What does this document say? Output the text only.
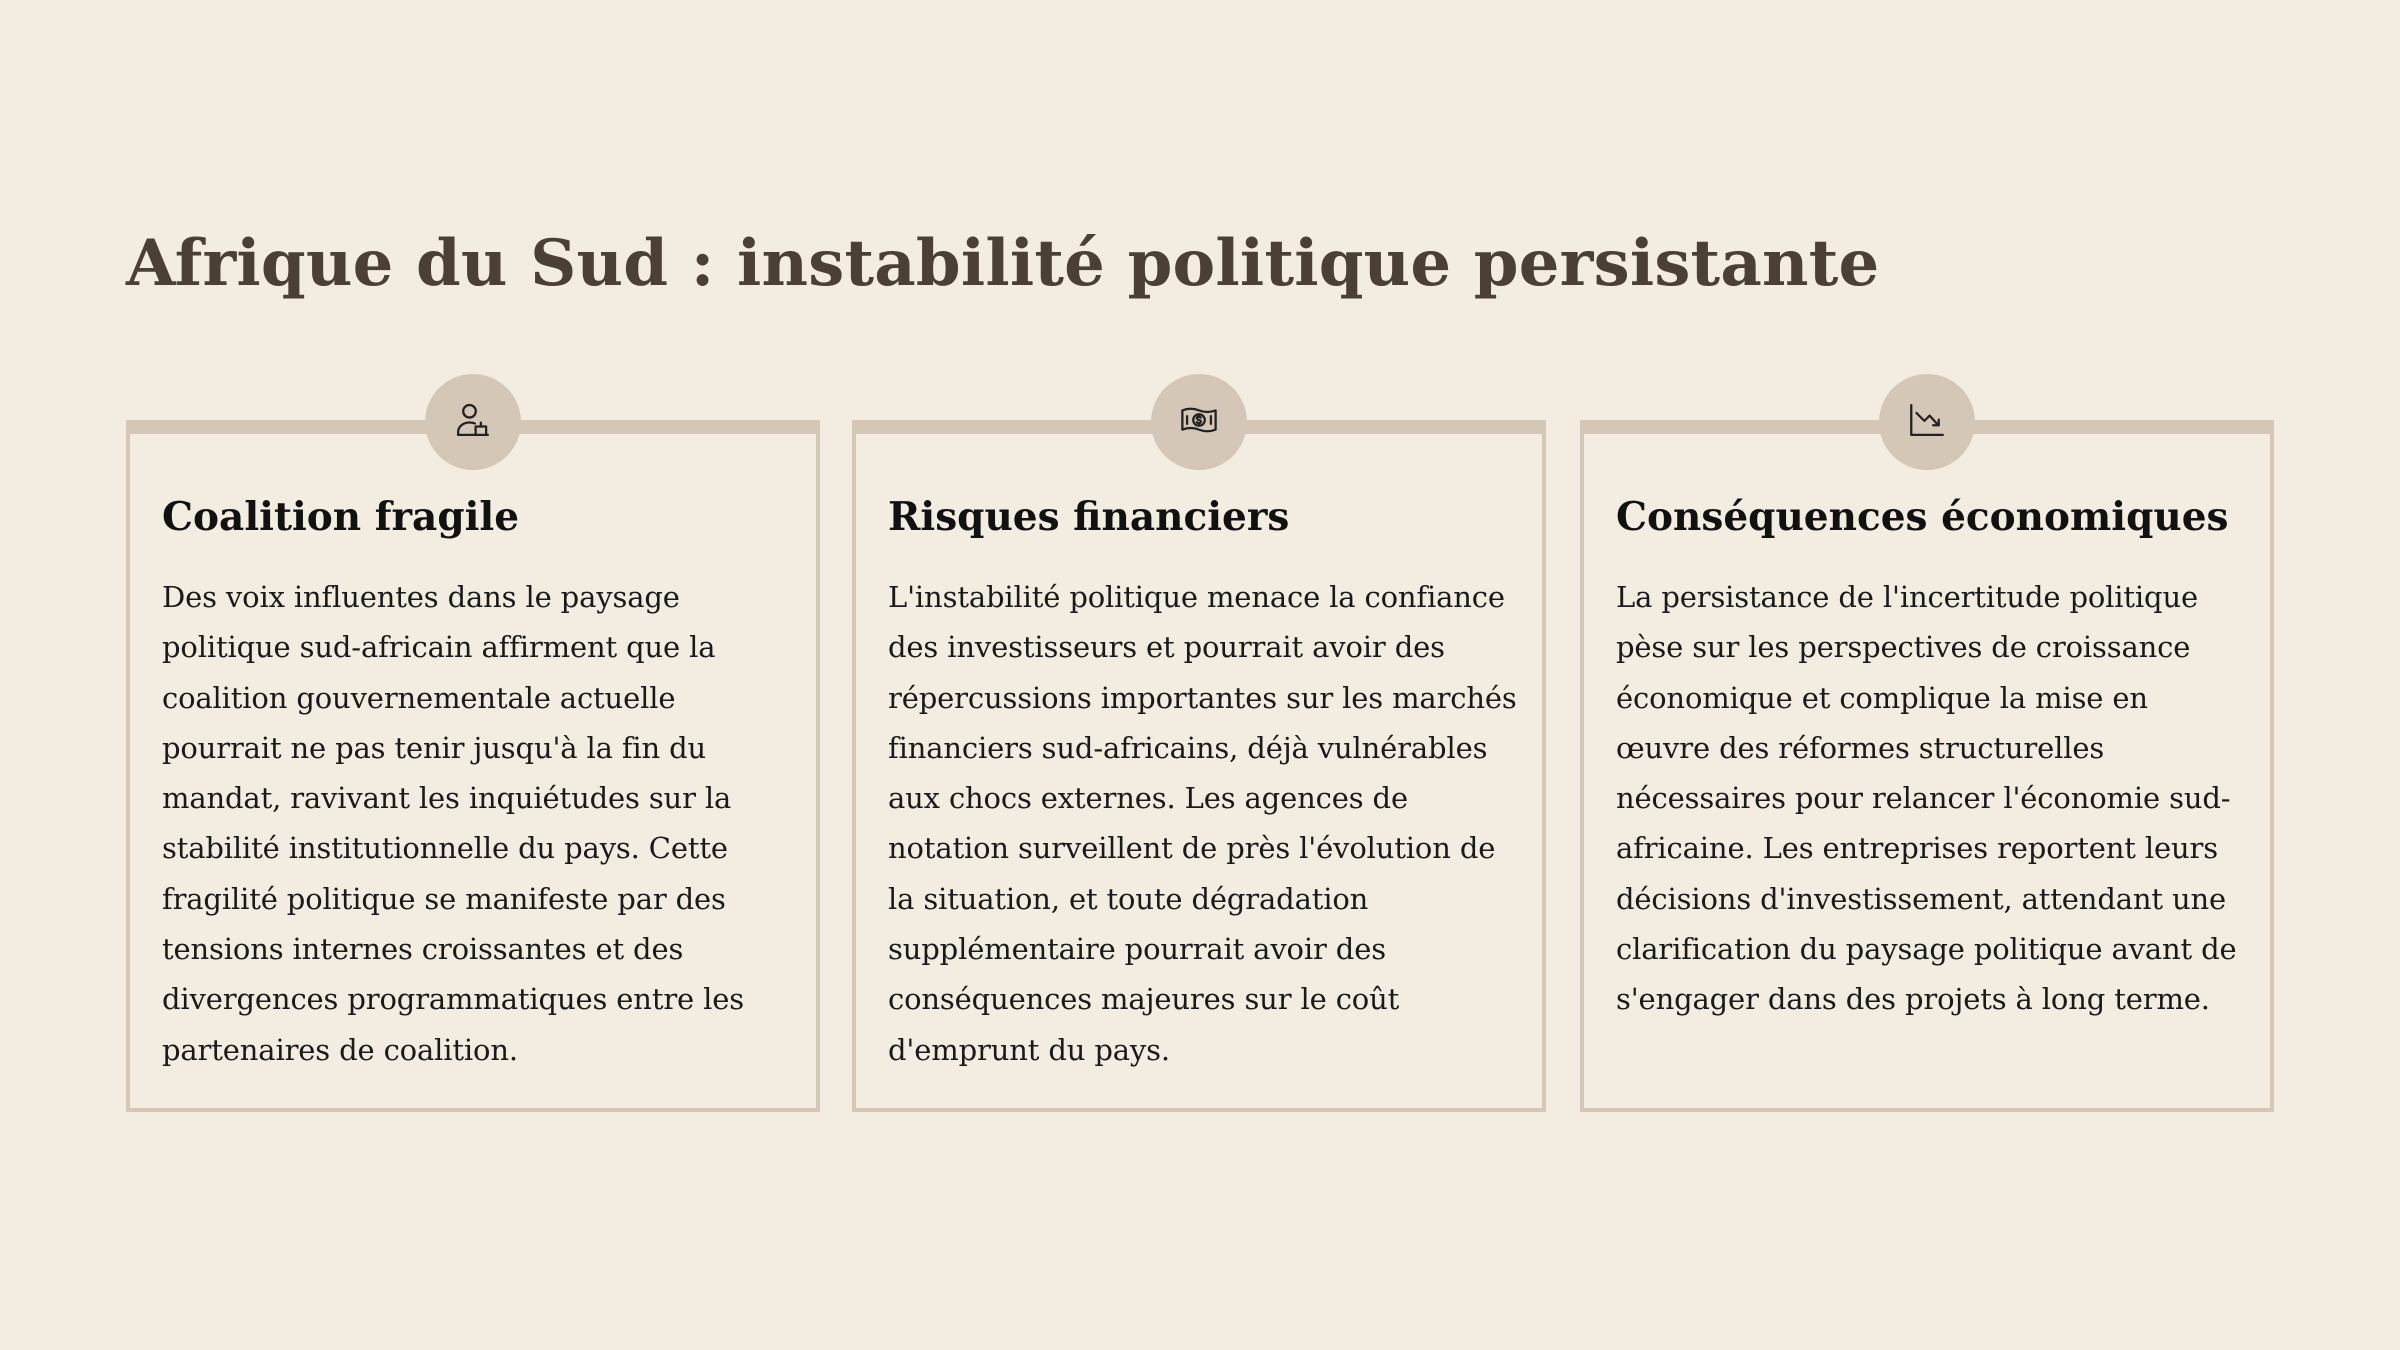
Afrique du Sud : instabilité politique persistante
Coalition fragile

Des voix influentes dans le paysage politique sud-africain affirment que la coalition gouvernementale actuelle pourrait ne pas tenir jusqu'à la fin du mandat, ravivant les inquiétudes sur la stabilité institutionnelle du pays. Cette fragilité politique se manifeste par des tensions internes croissantes et des divergences programmatiques entre les partenaires de coalition.

Risques financiers

L'instabilité politique menace la confiance des investisseurs et pourrait avoir des répercussions importantes sur les marchés financiers sud-africains, déjà vulnérables aux chocs externes. Les agences de notation surveillent de près l'évolution de la situation, et toute dégradation supplémentaire pourrait avoir des conséquences majeures sur le coût d'emprunt du pays.

Conséquences économiques

La persistance de l'incertitude politique pèse sur les perspectives de croissance économique et complique la mise en œuvre des réformes structurelles nécessaires pour relancer l'économie sud-africaine. Les entreprises reportent leurs décisions d'investissement, attendant une clarification du paysage politique avant de s'engager dans des projets à long terme.
